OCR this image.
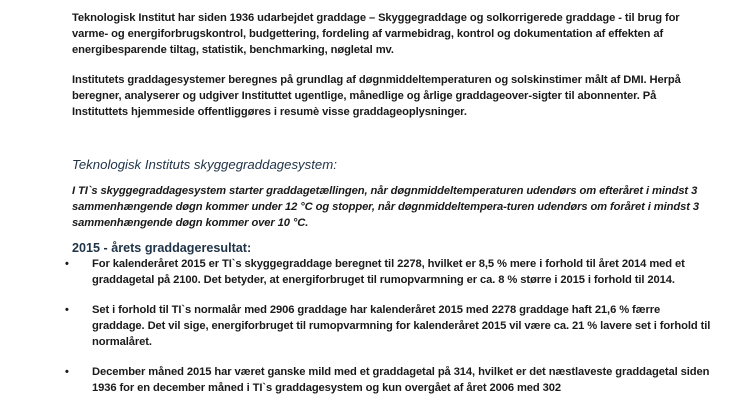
Teknologisk Institut har siden 1936 udarbejdet graddage – Skyggegraddage og solkorrigerede graddage - til brug for varme- og energiforbrugskontrol, budgettering, fordeling af varmebidrag, kontrol og dokumentation af effekten af energibesparende tiltag, statistik, benchmarking, nøgletal mv.

Institutets graddagesystemer beregnes på grundlag af døgnmiddeltemperaturen og solskinstimer målt af DMI. Herpå beregner, analyserer og udgiver Instituttet ugentlige, månedlige og årlige graddageover-sigter til abonnenter. På Instituttets hjemmeside offentliggøres i resumè visse graddageoplysninger.

Teknologisk Instituts skyggegraddagesystem:

I TI`s skyggegraddagesystem starter graddagetællingen, når døgnmiddeltemperaturen udendørs om efteråret i mindst 3 sammenhængende døgn kommer under 12 °C og stopper, når døgnmiddeltempera-turen udendørs om foråret i mindst 3 sammenhængende døgn kommer over 10 °C.

2015 - årets graddageresultat:
• For kalenderåret 2015 er TI`s skyggegraddage beregnet til 2278, hvilket er 8,5 % mere i forhold til året 2014 med et graddagetal på 2100. Det betyder, at energiforbruget til rumopvarmning er ca. 8 % større i 2015 i forhold til 2014.

• Set i forhold til TI`s normalår med 2906 graddage har kalenderåret 2015 med 2278 graddage haft 21,6 % færre graddage. Det vil sige, energiforbruget til rumopvarmning for kalenderåret 2015 vil være ca. 21 % lavere set i forhold til normalåret.

• December måned 2015 har været ganske mild med et graddagetal på 314, hvilket er det næstlaveste graddagetal siden 1936 for en december måned i TI`s graddagesystem og kun overgået af året 2006 med 302
